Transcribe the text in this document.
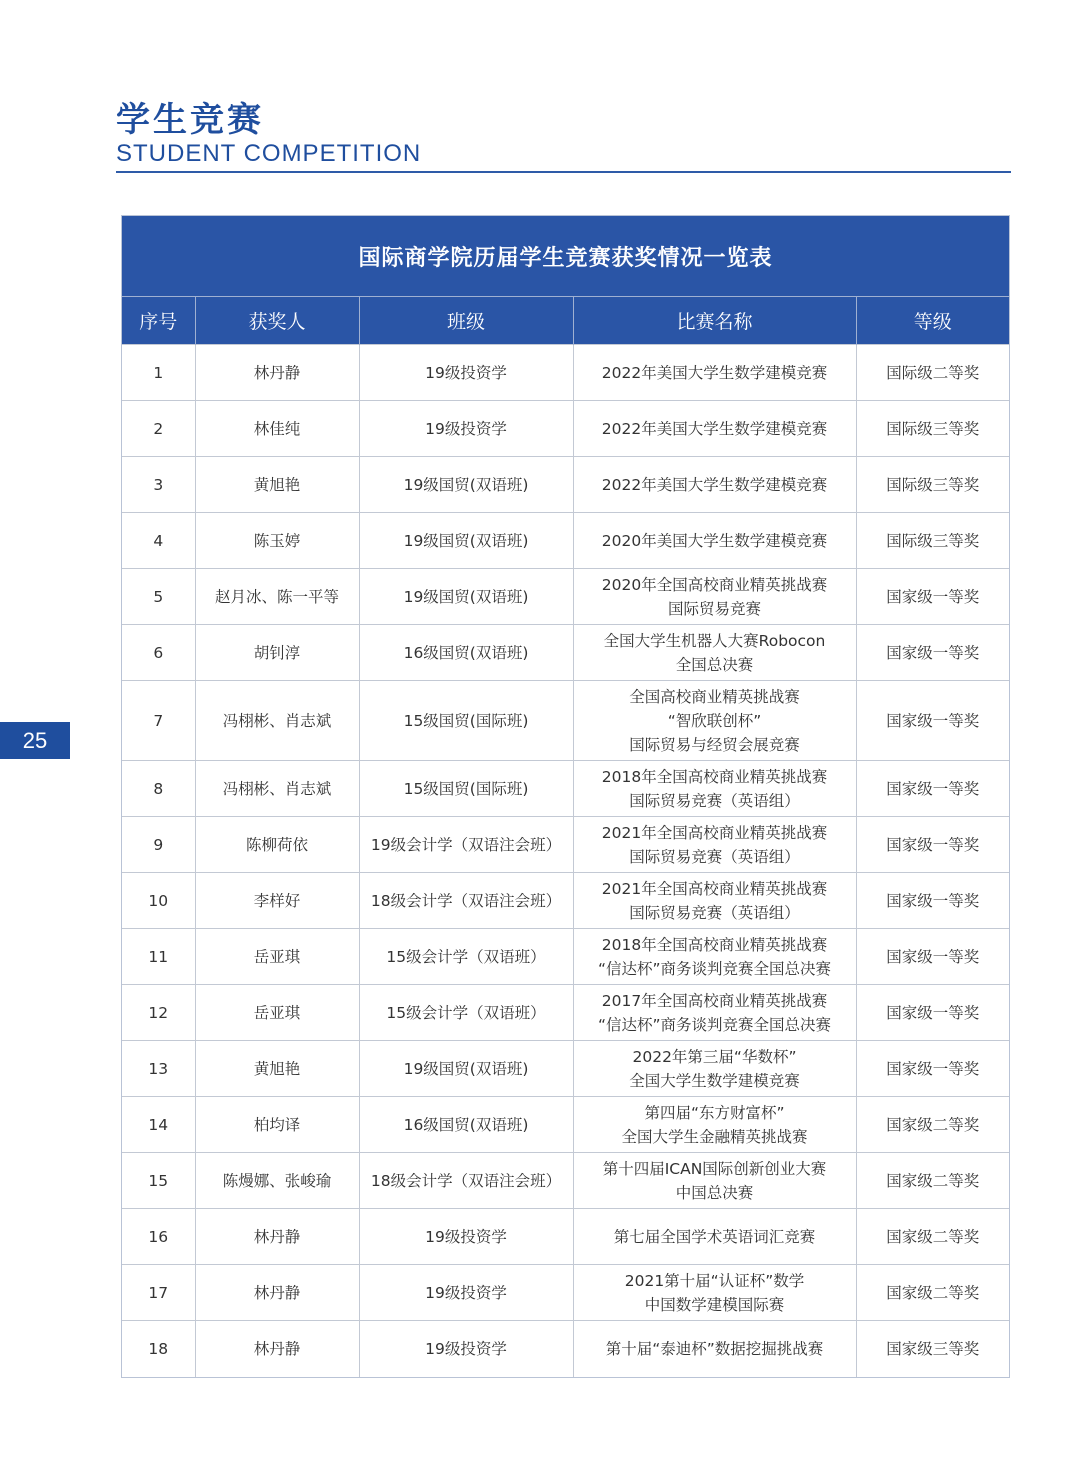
学生竞赛
STUDENT COMPETITION
25
国际商学院历届学生竞赛获奖情况一览表
序号	获奖人	班级	比赛名称	等级
1	林丹静	19级投资学	2022年美国大学生数学建模竞赛	国际级二等奖
2	林佳纯	19级投资学	2022年美国大学生数学建模竞赛	国际级三等奖
3	黄旭艳	19级国贸(双语班)	2022年美国大学生数学建模竞赛	国际级三等奖
4	陈玉婷	19级国贸(双语班)	2020年美国大学生数学建模竞赛	国际级三等奖
5	赵月冰、陈一平等	19级国贸(双语班)	2020年全国高校商业精英挑战赛
国际贸易竞赛	国家级一等奖
6	胡钊淳	16级国贸(双语班)	全国大学生机器人大赛Robocon
全国总决赛	国家级一等奖
7	冯栩彬、肖志斌	15级国贸(国际班)	全国高校商业精英挑战赛
“智欣联创杯”
国际贸易与经贸会展竞赛	国家级一等奖
8	冯栩彬、肖志斌	15级国贸(国际班)	2018年全国高校商业精英挑战赛
国际贸易竞赛（英语组）	国家级一等奖
9	陈柳荷依	19级会计学（双语注会班）	2021年全国高校商业精英挑战赛
国际贸易竞赛（英语组）	国家级一等奖
10	李样好	18级会计学（双语注会班）	2021年全国高校商业精英挑战赛
国际贸易竞赛（英语组）	国家级一等奖
11	岳亚琪	15级会计学（双语班）	2018年全国高校商业精英挑战赛
“信达杯”商务谈判竞赛全国总决赛	国家级一等奖
12	岳亚琪	15级会计学（双语班）	2017年全国高校商业精英挑战赛
“信达杯”商务谈判竞赛全国总决赛	国家级一等奖
13	黄旭艳	19级国贸(双语班)	2022年第三届“华数杯”
全国大学生数学建模竞赛	国家级一等奖
14	柏均译	16级国贸(双语班)	第四届“东方财富杯”
全国大学生金融精英挑战赛	国家级二等奖
15	陈熳娜、张峻瑜	18级会计学（双语注会班）	第十四届ICAN国际创新创业大赛
中国总决赛	国家级二等奖
16	林丹静	19级投资学	第七届全国学术英语词汇竞赛	国家级二等奖
17	林丹静	19级投资学	2021第十届“认证杯”数学
中国数学建模国际赛	国家级二等奖
18	林丹静	19级投资学	第十届“泰迪杯”数据挖掘挑战赛	国家级三等奖
